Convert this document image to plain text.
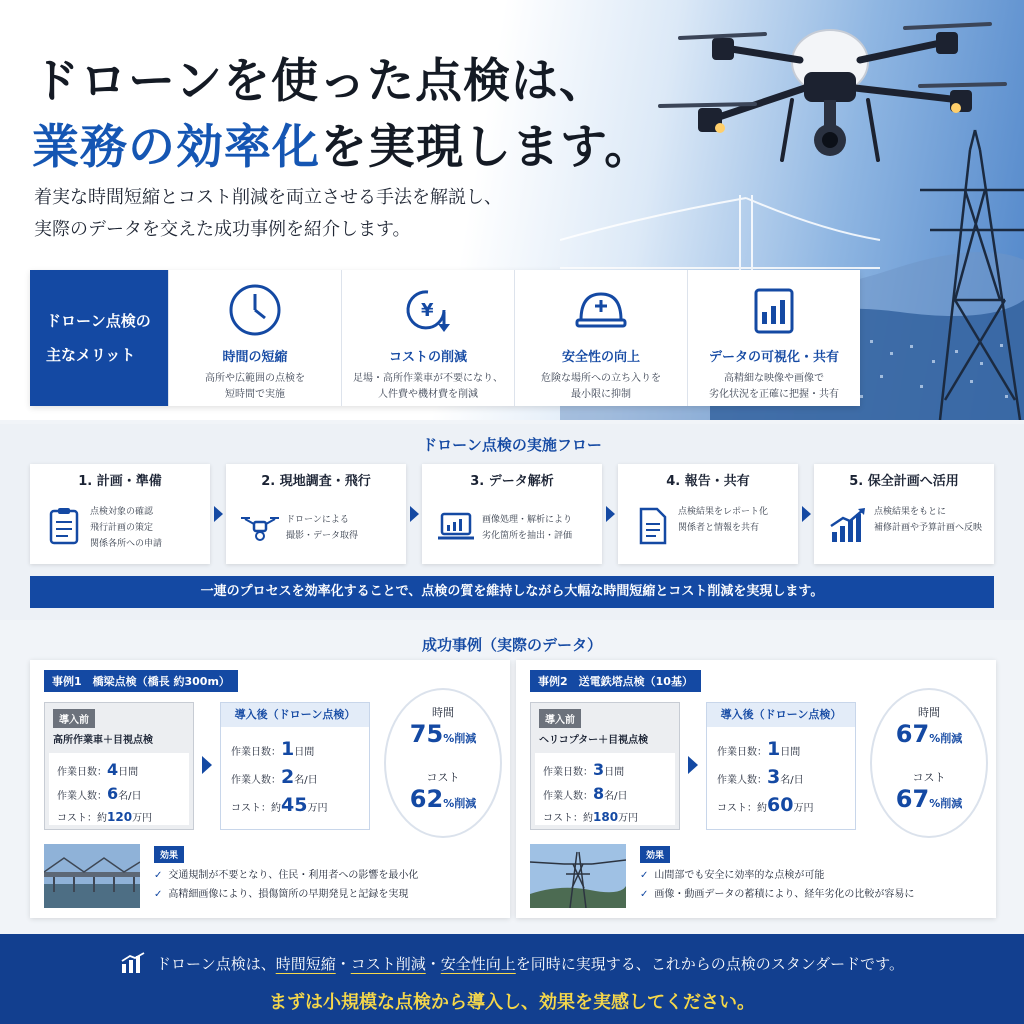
ドローンを使った点検は、
業務の効率化を実現します。
着実な時間短縮とコスト削減を両立させる手法を解説し、
実際のデータを交えた成功事例を紹介します。
ドローン点検の
主なメリット	時間の短縮
高所や広範囲の点検を
短時間で実施
¥
コストの削減
足場・高所作業車が不要になり、
人件費や機材費を削減
安全性の向上
危険な場所への立ち入りを
最小限に抑制
データの可視化・共有
高精細な映像や画像で
劣化状況を正確に把握・共有
ドローン点検の実施フロー
1. 計画・準備
点検対象の確認
飛行計画の策定
関係各所への申請
2. 現地調査・飛行
ドローンによる
撮影・データ取得
3. データ解析
画像処理・解析により
劣化箇所を抽出・評価
4. 報告・共有
点検結果をレポート化
関係者と情報を共有
5. 保全計画へ活用
点検結果をもとに
補修計画や予算計画へ反映
一連のプロセスを効率化することで、点検の質を維持しながら大幅な時間短縮とコスト削減を実現します。
成功事例（実際のデータ）
事例1　橋梁点検（橋長 約300m）
導入前
高所作業車＋目視点検
作業日数：4日間
作業人数：6名/日
コスト：約120万円
導入後（ドローン点検）
作業日数：1日間
作業人数：2名/日
コスト：約45万円
時間
75%削減
コスト
62%削減
効果
✓ 交通規制が不要となり、住民・利用者への影響を最小化
✓ 高精細画像により、損傷箇所の早期発見と記録を実現
事例2　送電鉄塔点検（10基）
導入前
ヘリコプター＋目視点検
作業日数：3日間
作業人数：8名/日
コスト：約180万円
導入後（ドローン点検）
作業日数：1日間
作業人数：3名/日
コスト：約60万円
時間
67%削減
コスト
67%削減
効果
✓ 山間部でも安全に効率的な点検が可能
✓ 画像・動画データの蓄積により、経年劣化の比較が容易に
ドローン点検は、時間短縮・コスト削減・安全性向上を同時に実現する、これからの点検のスタンダードです。
まずは小規模な点検から導入し、効果を実感してください。
